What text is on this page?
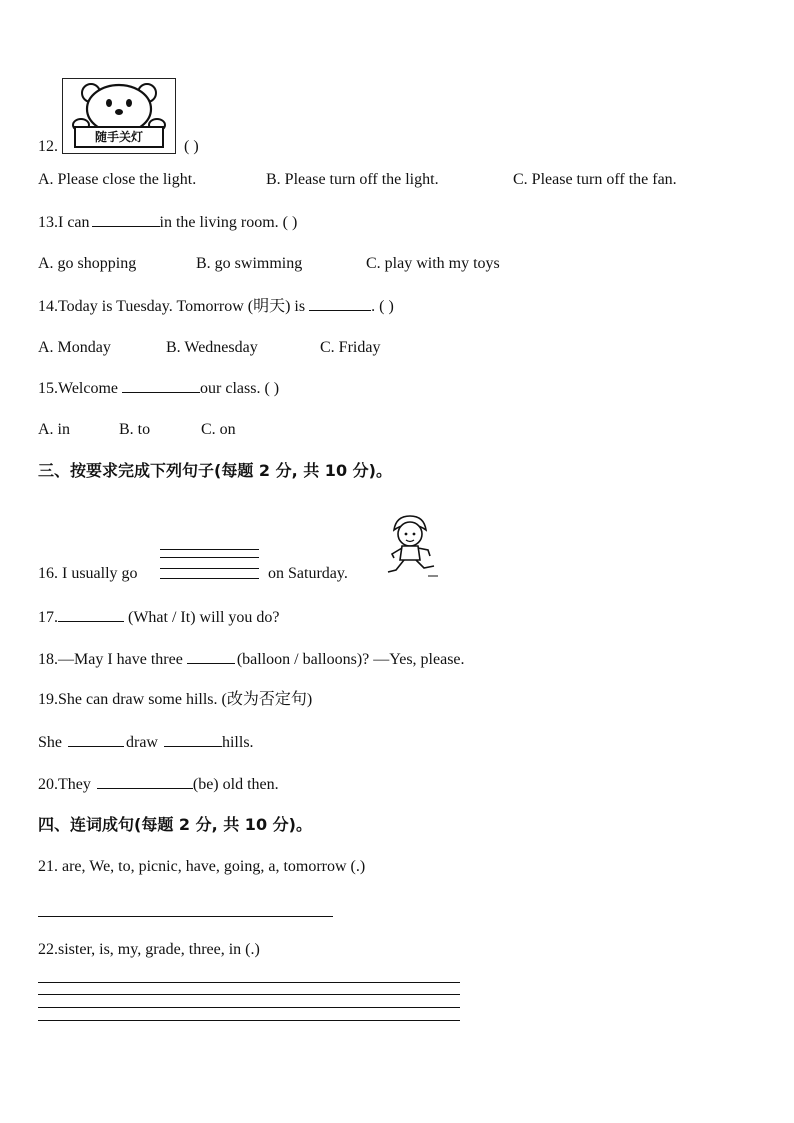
12.
随手关灯
( )
A. Please close the light.	B. Please turn off the light.	C. Please turn off the fan.
13.I can	in the living room. ( )
A. go shopping	B. go swimming	C. play with my toys
14.Today is Tuesday. Tomorrow (明天) is	. ( )
A. Monday	B. Wednesday	C. Friday
15.Welcome	our class. ( )
A. in	B. to	C. on
三、按要求完成下列句子(每题 2 分, 共 10 分)。
16. I usually go	on Saturday.
17.	(What / It) will you do?
18.—May I have three	(balloon / balloons)? —Yes, please.
19.She can draw some hills. (改为否定句)
She	draw	hills.
20.They	(be) old then.
四、连词成句(每题 2 分, 共 10 分)。
21. are, We, to, picnic, have, going, a, tomorrow (.)
22.sister, is, my, grade, three, in (.)
